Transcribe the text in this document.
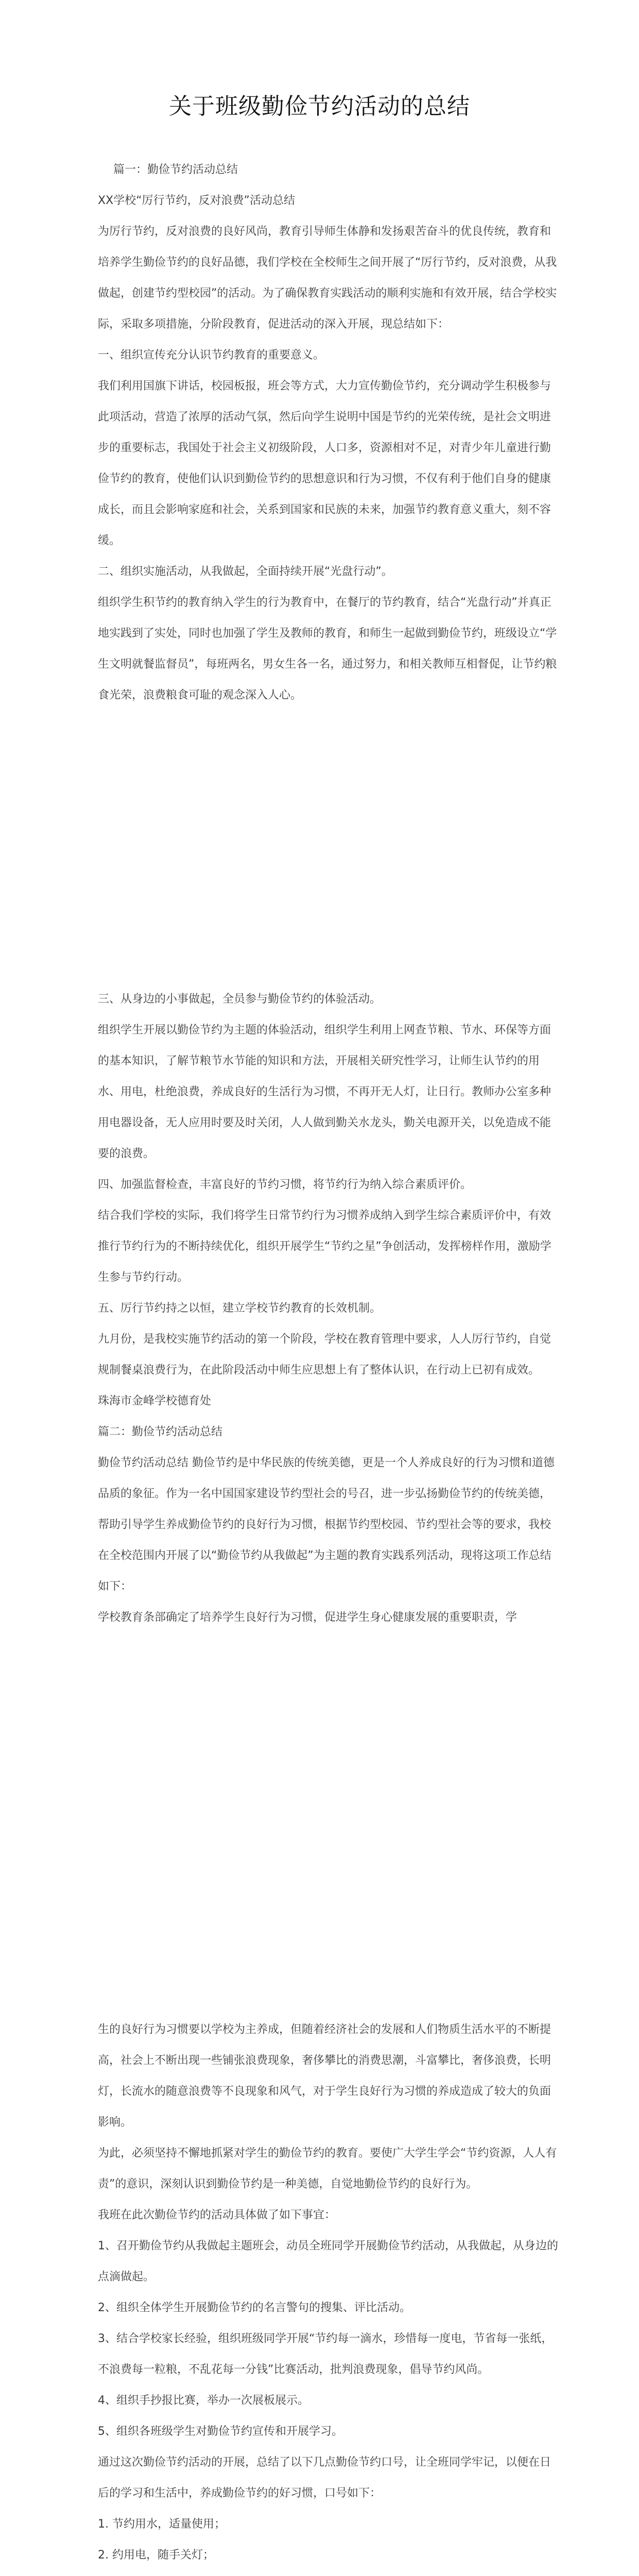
关于班级勤俭节约活动的总结

篇一：勤俭节约活动总结

XX学校“厉行节约，反对浪费”活动总结

为厉行节约，反对浪费的良好风尚，教育引导师生体静和发扬艰苦奋斗的优良传统，教育和培养学生勤俭节约的良好品德，我们学校在全校师生之间开展了“厉行节约，反对浪费，从我做起，创建节约型校园”的活动。为了确保教育实践活动的顺利实施和有效开展，结合学校实际，采取多项措施，分阶段教育，促进活动的深入开展，现总结如下：

一、组织宣传充分认识节约教育的重要意义。

我们利用国旗下讲话，校园板报，班会等方式，大力宣传勤俭节约，充分调动学生积极参与此项活动，营造了浓厚的活动气氛，然后向学生说明中国是节约的光荣传统，是社会文明进步的重要标志，我国处于社会主义初级阶段，人口多，资源相对不足，对青少年儿童进行勤俭节约的教育，使他们认识到勤俭节约的思想意识和行为习惯，不仅有利于他们自身的健康成长，而且会影响家庭和社会，关系到国家和民族的未来，加强节约教育意义重大，刻不容缓。

二、组织实施活动，从我做起，全面持续开展“光盘行动”。

组织学生积节约的教育纳入学生的行为教育中，在餐厅的节约教育，结合“光盘行动”并真正地实践到了实处，同时也加强了学生及教师的教育，和师生一起做到勤俭节约，班级设立“学生文明就餐监督员”，每班两名，男女生各一名，通过努力，和相关教师互相督促，让节约粮食光荣，浪费粮食可耻的观念深入人心。

三、从身边的小事做起，全员参与勤俭节约的体验活动。

组织学生开展以勤俭节约为主题的体验活动，组织学生利用上网查节粮、节水、环保等方面的基本知识，了解节粮节水节能的知识和方法，开展相关研究性学习，让师生认节约的用水、用电，杜绝浪费，养成良好的生活行为习惯，不再开无人灯，让日行。教师办公室多种用电器设备，无人应用时要及时关闭，人人做到勤关水龙头，勤关电源开关，以免造成不能要的浪费。

四、加强监督检查，丰富良好的节约习惯，将节约行为纳入综合素质评价。

结合我们学校的实际，我们将学生日常节约行为习惯养成纳入到学生综合素质评价中，有效推行节约行为的不断持续优化，组织开展学生“节约之星”争创活动，发挥榜样作用，激励学生参与节约行动。

五、厉行节约持之以恒，建立学校节约教育的长效机制。

九月份，是我校实施节约活动的第一个阶段，学校在教育管理中要求，人人厉行节约，自觉规制餐桌浪费行为，在此阶段活动中师生应思想上有了整体认识，在行动上已初有成效。

珠海市金峰学校德育处

篇二：勤俭节约活动总结

勤俭节约活动总结 勤俭节约是中华民族的传统美德，更是一个人养成良好的行为习惯和道德品质的象征。作为一名中国国家建设节约型社会的号召，进一步弘扬勤俭节约的传统美德，帮助引导学生养成勤俭节约的良好行为习惯，根据节约型校园、节约型社会等的要求，我校在全校范围内开展了以“勤俭节约从我做起”为主题的教育实践系列活动，现将这项工作总结如下：

学校教育条部确定了培养学生良好行为习惯，促进学生身心健康发展的重要职责，学

生的良好行为习惯要以学校为主养成，但随着经济社会的发展和人们物质生活水平的不断提高，社会上不断出现一些铺张浪费现象，奢侈攀比的消费思潮，斗富攀比，奢侈浪费，长明灯，长流水的随意浪费等不良现象和风气，对于学生良好行为习惯的养成造成了较大的负面影响。

为此，必须坚持不懈地抓紧对学生的勤俭节约的教育。要使广大学生学会“节约资源，人人有责”的意识，深刻认识到勤俭节约是一种美德，自觉地勤俭节约的良好行为。

我班在此次勤俭节约的活动具体做了如下事宜：

1、召开勤俭节约从我做起主题班会，动员全班同学开展勤俭节约活动，从我做起，从身边的点滴做起。

2、组织全体学生开展勤俭节约的名言警句的搜集、评比活动。

3、结合学校家长经验，组织班级同学开展“节约每一滴水，珍惜每一度电，节省每一张纸，不浪费每一粒粮，不乱花每一分钱”比赛活动，批判浪费现象，倡导节约风尚。

4、组织手抄报比赛，举办一次展板展示。

5、组织各班级学生对勤俭节约宣传和开展学习。

通过这次勤俭节约活动的开展，总结了以下几点勤俭节约口号，让全班同学牢记，以便在日后的学习和生活中，养成勤俭节约的好习惯，口号如下：

1. 节约用水，适量使用；

2. 约用电，随手关灯；
